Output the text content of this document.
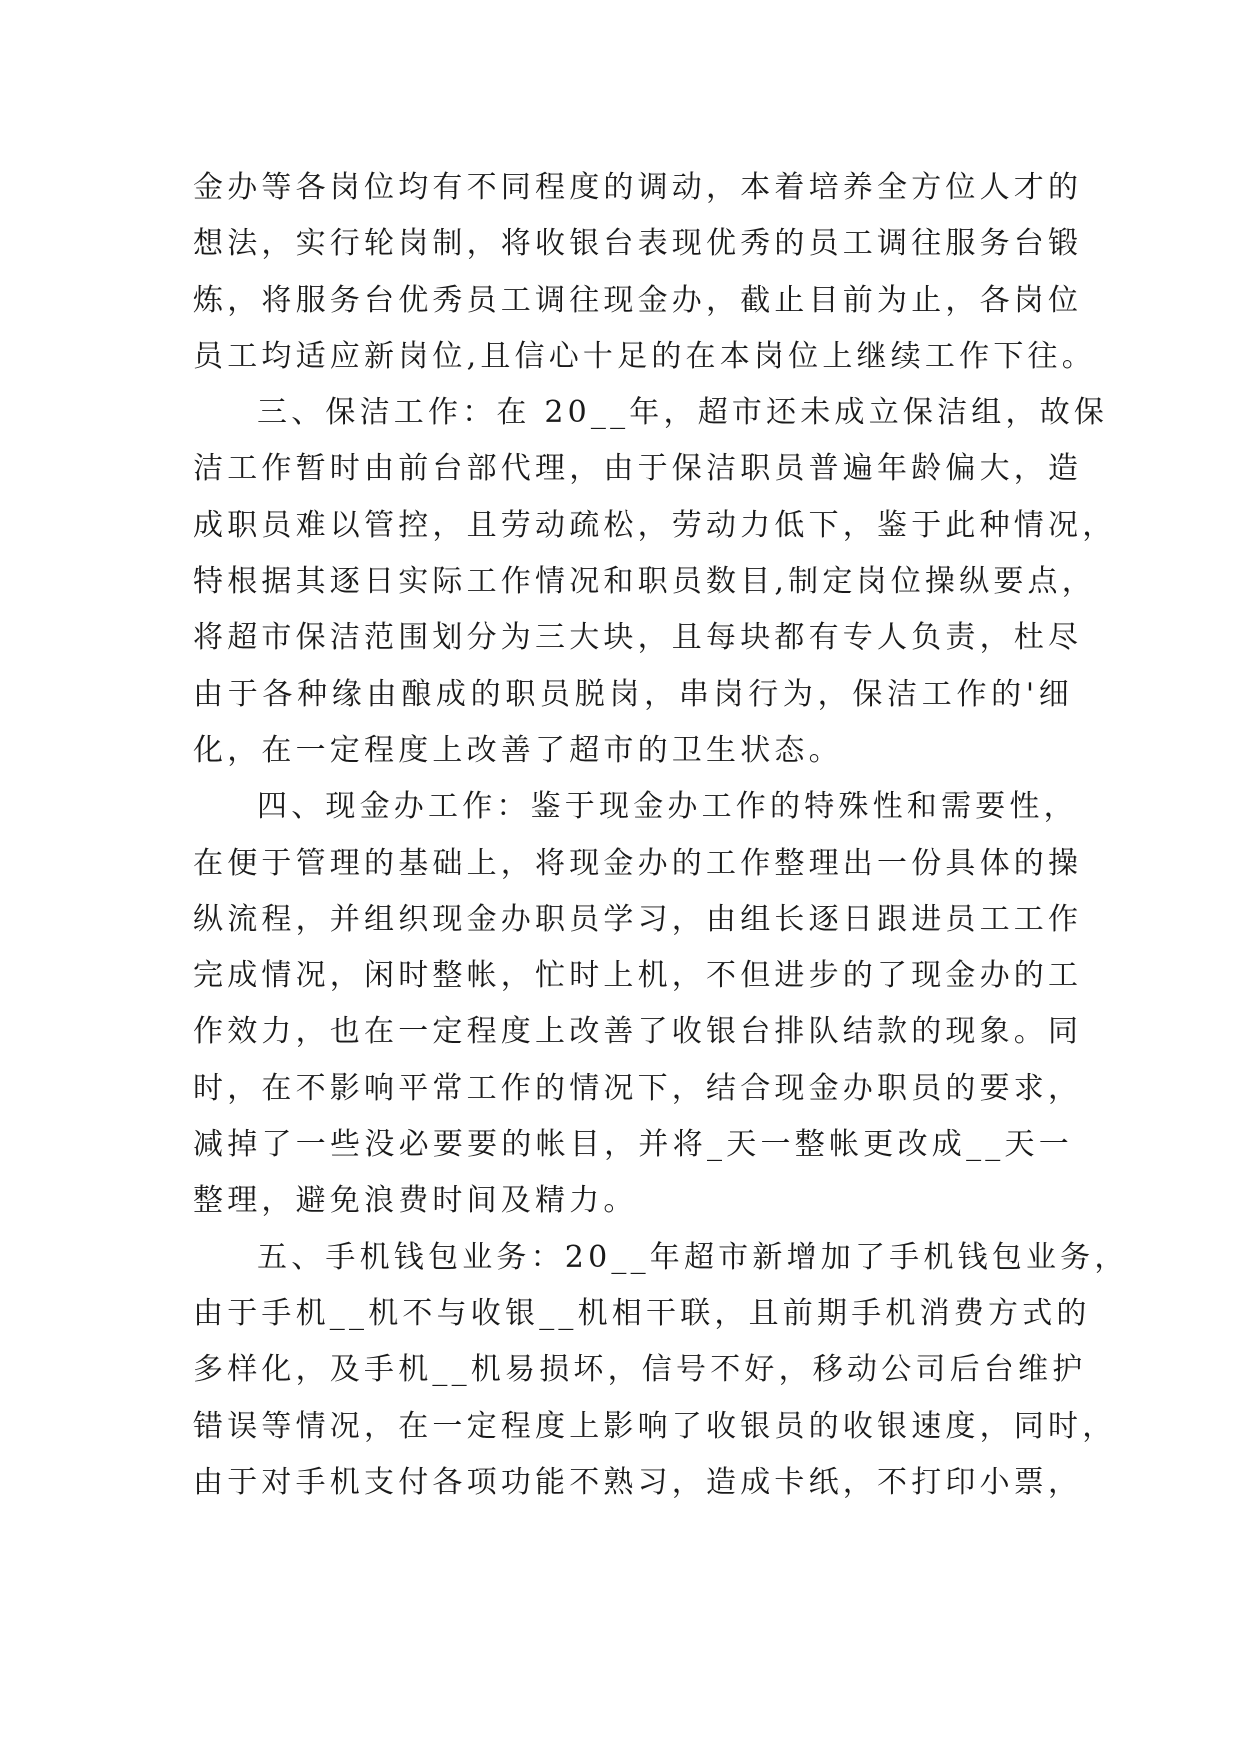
金办等各岗位均有不同程度的调动，本着培养全方位人才的
想法，实行轮岗制，将收银台表现优秀的员工调往服务台锻
炼，将服务台优秀员工调往现金办，截止目前为止，各岗位
员工均适应新岗位,且信心十足的在本岗位上继续工作下往。
三、保洁工作：在 20__年，超市还未成立保洁组，故保
洁工作暂时由前台部代理，由于保洁职员普遍年龄偏大，造
成职员难以管控，且劳动疏松，劳动力低下，鉴于此种情况，
特根据其逐日实际工作情况和职员数目,制定岗位操纵要点，
将超市保洁范围划分为三大块，且每块都有专人负责，杜尽
由于各种缘由酿成的职员脱岗，串岗行为，保洁工作的'细
化，在一定程度上改善了超市的卫生状态。
四、现金办工作：鉴于现金办工作的特殊性和需要性，
在便于管理的基础上，将现金办的工作整理出一份具体的操
纵流程，并组织现金办职员学习，由组长逐日跟进员工工作
完成情况，闲时整帐，忙时上机，不但进步的了现金办的工
作效力，也在一定程度上改善了收银台排队结款的现象。同
时，在不影响平常工作的情况下，结合现金办职员的要求，
减掉了一些没必要要的帐目，并将_天一整帐更改成__天一
整理，避免浪费时间及精力。
五、手机钱包业务：20__年超市新增加了手机钱包业务，
由于手机__机不与收银__机相干联，且前期手机消费方式的
多样化，及手机__机易损坏，信号不好，移动公司后台维护
错误等情况，在一定程度上影响了收银员的收银速度，同时，
由于对手机支付各项功能不熟习，造成卡纸，不打印小票，
